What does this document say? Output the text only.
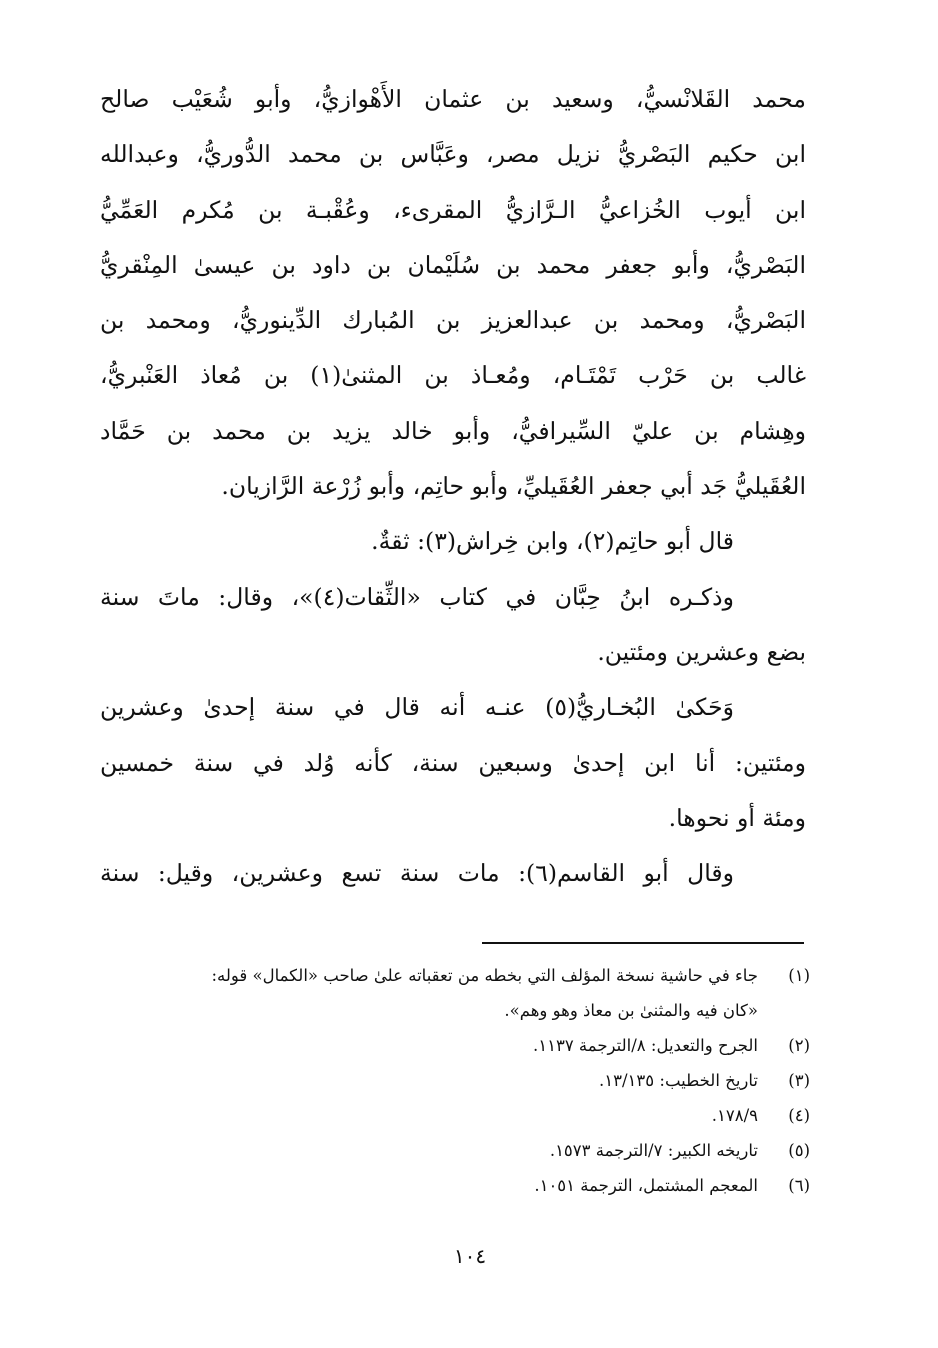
محمد القَلانْسيُّ، وسعيد بن عثمان الأَهْوازيُّ، وأبو شُعَيْب صالح
ابن حكيم البَصْريُّ نزيل مصر، وعَبَّاس بن محمد الدُّوريُّ، وعبدالله
ابن أيوب الخُزاعيُّ الـرَّازيُّ المقرىء، وعُقْبـة بن مُكرم العَمِّيُّ
البَصْريُّ، وأبو جعفر محمد بن سُلَيْمان بن داود بن عيسىٰ المِنْقريُّ
البَصْريُّ، ومحمد بن عبدالعزيز بن المُبارك الدِّينوريُّ، ومحمد بن
غالب بن حَرْب تَمْتَـام، ومُعـاذ بن المثنىٰ(١) بن مُعاذ العَنْبريُّ،
وهِشام بن عليّ السِّيرافيُّ، وأبو خالد يزيد بن محمد بن حَمَّاد
العُقَيليُّ جَد أبي جعفر العُقَيليِّ، وأبو حاتِم، وأبو زُرْعة الرَّازيان.
قال أبو حاتِم(٢)، وابن خِراش(٣): ثقةٌ.
وذكـره ابنُ حِبَّان في كتاب «الثِّقات(٤)»، وقال: ماتَ سنة
بضع وعشرين ومئتين.
وَحَكىٰ البُخـاريُّ(٥) عنـه أنه قال في سنة إحدىٰ وعشرين
ومئتين: أنا ابن إحدىٰ وسبعين سنة، كأنه وُلد في سنة خمسين
ومئة أو نحوها.
وقال أبو القاسم(٦): مات سنة تسع وعشرين، وقيل: سنة
(١)
جاء في حاشية نسخة المؤلف التي بخطه من تعقباته علىٰ صاحب «الكمال» قوله:
«كان فيه والمثنىٰ بن معاذ وهو وهم».
(٢)
الجرح والتعديل: ٨/الترجمة ١١٣٧.
(٣)
تاريخ الخطيب: ١٣/١٣٥.
(٤)
١٧٨/٩.
(٥)
تاريخه الكبير: ٧/الترجمة ١٥٧٣.
(٦)
المعجم المشتمل، الترجمة ١٠٥١.
١٠٤
